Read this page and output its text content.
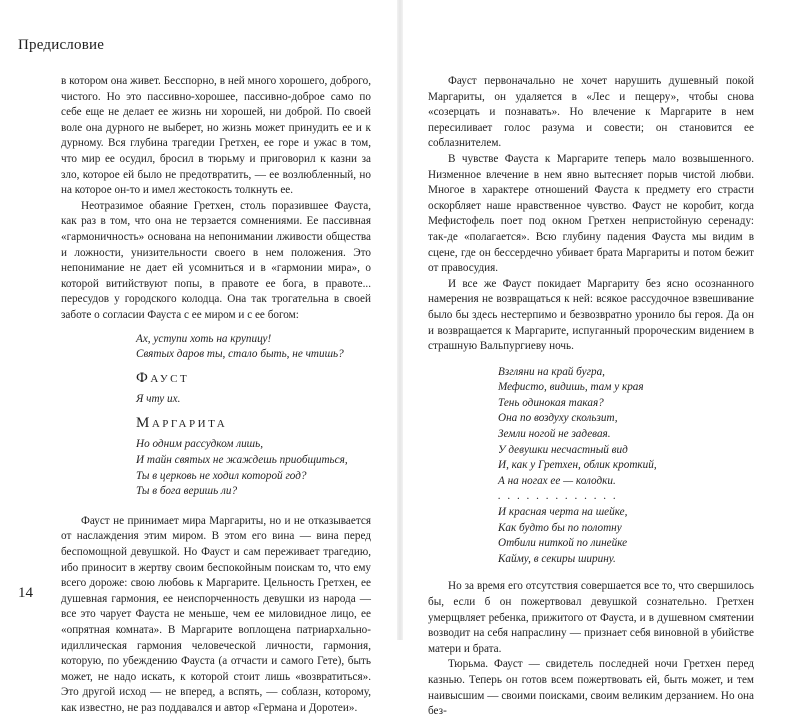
Предисловие

в котором она живет. Бесспорно, в ней много хорошего, доброго, чистого. Но это пассивно-хорошее, пассивно-доброе само по себе еще не делает ее жизнь ни хорошей, ни доброй. По своей воле она дурного не выберет, но жизнь может принудить ее и к дурному. Вся глубина трагедии Гретхен, ее горе и ужас в том, что мир ее осудил, бросил в тюрьму и приговорил к казни за зло, которое ей было не предотвратить, — ее возлюбленный, но на которое он-то и имел жестокость толкнуть ее.

Неотразимое обаяние Гретхен, столь поразившее Фауста, как раз в том, что она не терзается сомнениями. Ее пассивная «гармоничность» основана на непонимании лживости общества и ложности, унизительности своего в нем положения. Это непонимание не дает ей усомниться и в «гармонии мира», о которой витийствуют попы, в правоте ее бога, в правоте... пересудов у городского колодца. Она так трогательна в своей заботе о согласии Фауста с ее миром и с ее богом:

Ах, уступи хоть на крупицу!
Святых даров ты, стало быть, не чтишь?
Фауст
Я чту их.
Маргарита
Но одним рассудком лишь,
И тайн святых не жаждешь приобщиться,
Ты в церковь не ходил которой год?
Ты в бога веришь ли?

Фауст не принимает мира Маргариты, но и не отказывается от наслаждения этим миром. В этом его вина — вина перед беспомощной девушкой. Но Фауст и сам переживает трагедию, ибо приносит в жертву своим беспокойным поискам то, что ему всего дороже: свою любовь к Маргарите. Цельность Гретхен, ее душевная гармония, ее неиспорченность девушки из народа — все это чарует Фауста не меньше, чем ее миловидное лицо, ее «опрятная комната». В Маргарите воплощена патриархально-идиллическая гармония человеческой личности, гармония, которую, по убеждению Фауста (а отчасти и самого Гете), быть может, не надо искать, к которой стоит лишь «возвратиться». Это другой исход — не вперед, а вспять, — соблазн, которому, как известно, не раз поддавался и автор «Германа и Доротеи».

Фауст первоначально не хочет нарушить душевный покой Маргариты, он удаляется в «Лес и пещеру», чтобы снова «созерцать и познавать». Но влечение к Маргарите в нем пересиливает голос разума и совести; он становится ее соблазнителем.

В чувстве Фауста к Маргарите теперь мало возвышенного. Низменное влечение в нем явно вытесняет порыв чистой любви. Многое в характере отношений Фауста к предмету его страсти оскорбляет наше нравственное чувство. Фауст не коробит, когда Мефистофель поет под окном Гретхен непристойную серенаду: так-де «полагается». Всю глубину падения Фауста мы видим в сцене, где он бессердечно убивает брата Маргариты и потом бежит от правосудия.

И все же Фауст покидает Маргариту без ясно осознанного намерения не возвращаться к ней: всякое рассудочное взвешивание было бы здесь нестерпимо и безвозвратно уронило бы героя. Да он и возвращается к Маргарите, испуганный пророческим видением в страшную Вальпургиеву ночь.

Взгляни на край бугра,
Мефисто, видишь, там у края
Тень одинокая такая?
Она по воздуху скользит,
Земли ногой не задевая.
У девушки несчастный вид
И, как у Гретхен, облик кроткий,
А на ногах ее — колодки.
. . . . . . . . . . . . .
И красная черта на шейке,
Как будто бы по полотну
Отбили ниткой по линейке
Кайму, в секиры ширину.

Но за время его отсутствия совершается все то, что свершилось бы, если б он пожертвовал девушкой сознательно. Гретхен умерщвляет ребенка, прижитого от Фауста, и в душевном смятении возводит на себя напраслину — признает себя виновной в убийстве матери и брата.

Тюрьма. Фауст — свидетель последней ночи Гретхен перед казнью. Теперь он готов всем пожертвовать ей, быть может, и тем наивысшим — своими поисками, своим великим дерзанием. Но она без-

14
